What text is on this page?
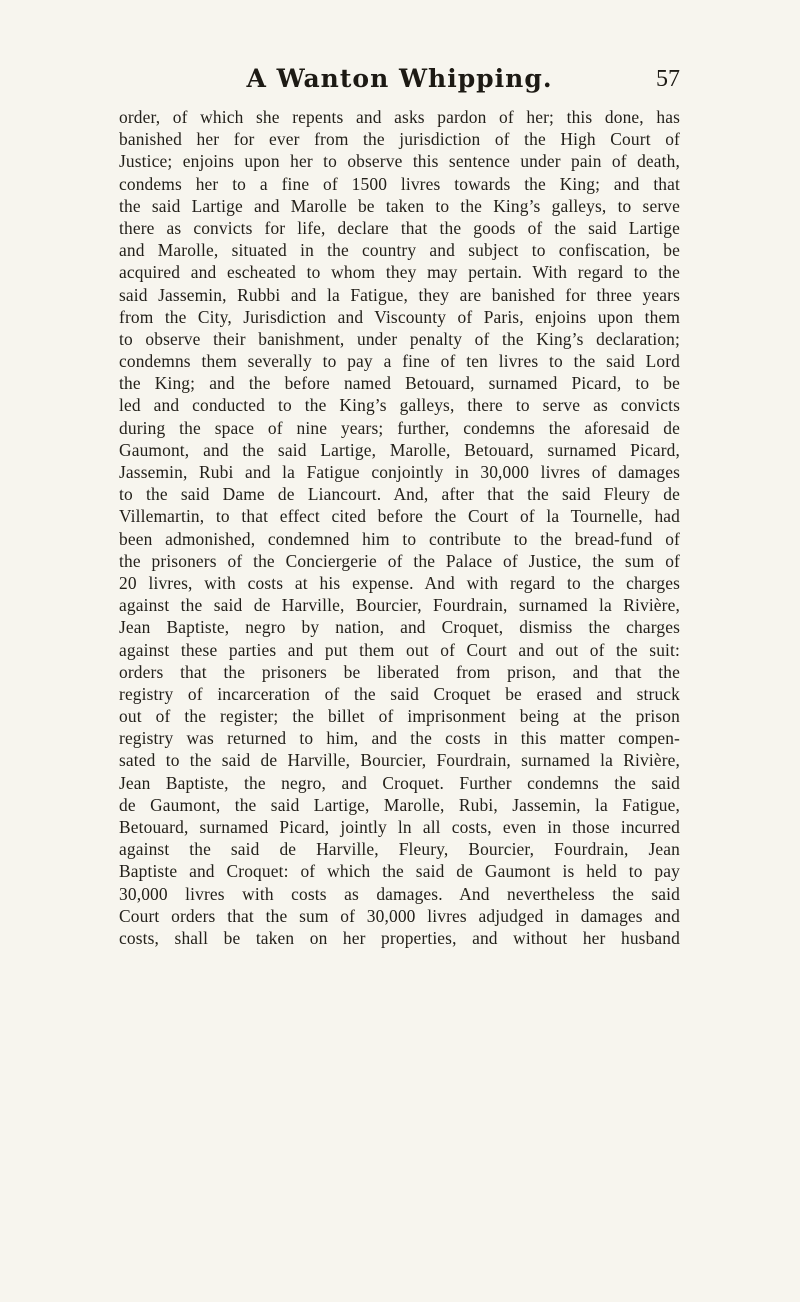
A Wanton Whipping.	57
order, of which she repents and asks pardon of her; this done, has
banished her for ever from the jurisdiction of the High Court of
Justice; enjoins upon her to observe this sentence under pain of death,
condems her to a fine of 1500 livres towards the King; and that
the said Lartige and Marolle be taken to the King’s galleys, to serve
there as convicts for life, declare that the goods of the said Lartige
and Marolle, situated in the country and subject to confiscation, be
acquired and escheated to whom they may pertain. With regard to the
said Jassemin, Rubbi and la Fatigue, they are banished for three years
from the City, Jurisdiction and Viscounty of Paris, enjoins upon them
to observe their banishment, under penalty of the King’s declaration;
condemns them severally to pay a fine of ten livres to the said Lord
the King; and the before named Betouard, surnamed Picard, to be
led and conducted to the King’s galleys, there to serve as convicts
during the space of nine years; further, condemns the aforesaid de
Gaumont, and the said Lartige, Marolle, Betouard, surnamed Picard,
Jassemin, Rubi and la Fatigue conjointly in 30,000 livres of damages
to the said Dame de Liancourt. And, after that the said Fleury de
Villemartin, to that effect cited before the Court of la Tournelle, had
been admonished, condemned him to contribute to the bread-fund of
the prisoners of the Conciergerie of the Palace of Justice, the sum of
20 livres, with costs at his expense. And with regard to the charges
against the said de Harville, Bourcier, Fourdrain, surnamed la Rivière,
Jean Baptiste, negro by nation, and Croquet, dismiss the charges
against these parties and put them out of Court and out of the suit:
orders that the prisoners be liberated from prison, and that the
registry of incarceration of the said Croquet be erased and struck
out of the register; the billet of imprisonment being at the prison
registry was returned to him, and the costs in this matter compen-
sated to the said de Harville, Bourcier, Fourdrain, surnamed la Rivière,
Jean Baptiste, the negro, and Croquet. Further condemns the said
de Gaumont, the said Lartige, Marolle, Rubi, Jassemin, la Fatigue,
Betouard, surnamed Picard, jointly ln all costs, even in those incurred
against the said de Harville, Fleury, Bourcier, Fourdrain, Jean
Baptiste and Croquet: of which the said de Gaumont is held to pay
30,000 livres with costs as damages. And nevertheless the said
Court orders that the sum of 30,000 livres adjudged in damages and
costs, shall be taken on her properties, and without her husband
